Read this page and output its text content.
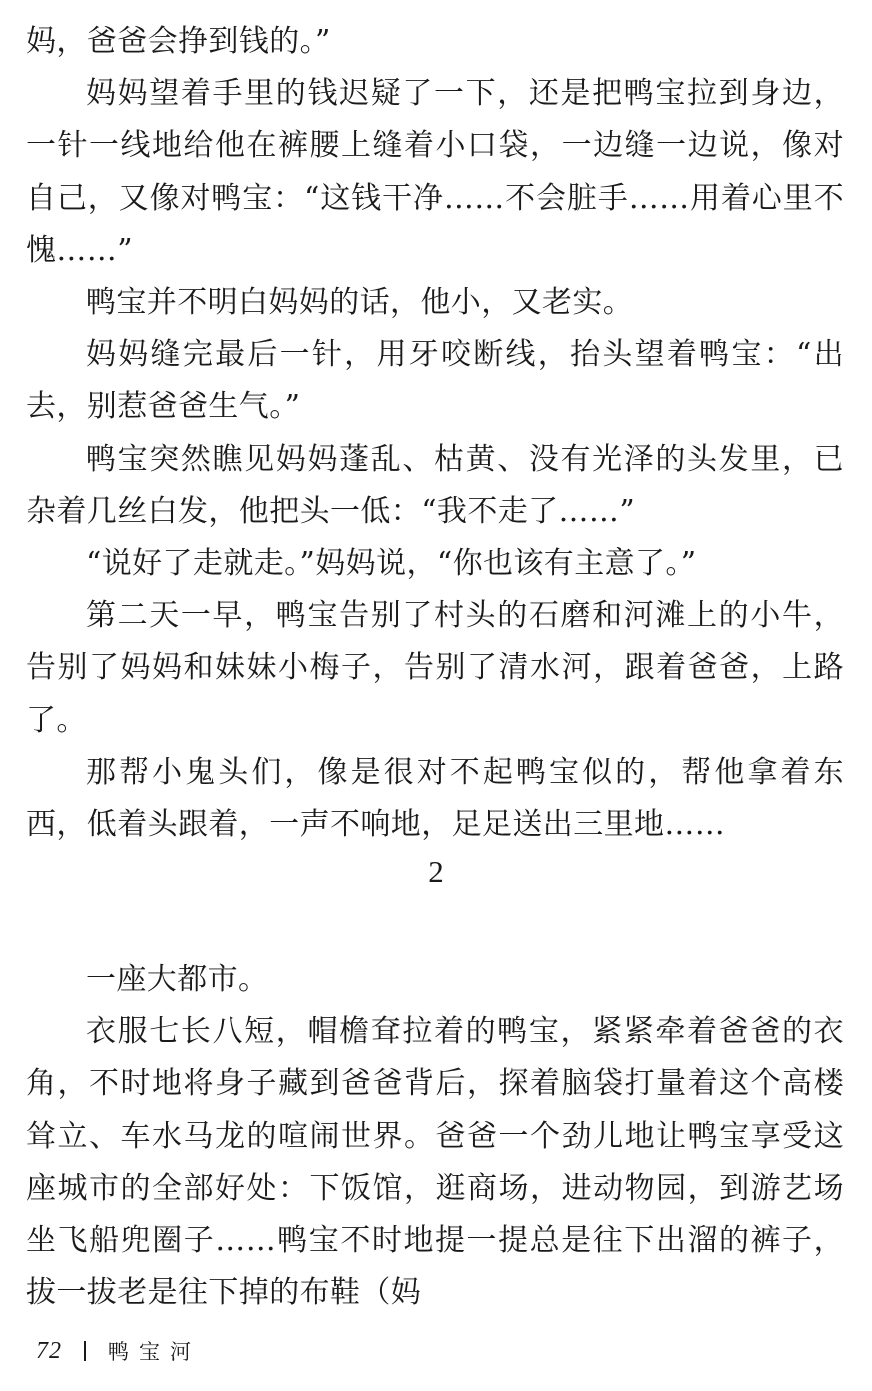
妈，爸爸会挣到钱的。”

妈妈望着手里的钱迟疑了一下，还是把鸭宝拉到身边，一针一线地给他在裤腰上缝着小口袋，一边缝一边说，像对自己，又像对鸭宝：“这钱干净……不会脏手……用着心里不愧……”

鸭宝并不明白妈妈的话，他小，又老实。

妈妈缝完最后一针，用牙咬断线，抬头望着鸭宝：“出去，别惹爸爸生气。”

鸭宝突然瞧见妈妈蓬乱、枯黄、没有光泽的头发里，已杂着几丝白发，他把头一低：“我不走了……”

“说好了走就走。”妈妈说，“你也该有主意了。”

第二天一早，鸭宝告别了村头的石磨和河滩上的小牛，告别了妈妈和妹妹小梅子，告别了清水河，跟着爸爸，上路了。

那帮小鬼头们，像是很对不起鸭宝似的，帮他拿着东西，低着头跟着，一声不响地，足足送出三里地……

2

一座大都市。

衣服七长八短，帽檐耷拉着的鸭宝，紧紧牵着爸爸的衣角，不时地将身子藏到爸爸背后，探着脑袋打量着这个高楼耸立、车水马龙的喧闹世界。爸爸一个劲儿地让鸭宝享受这座城市的全部好处：下饭馆，逛商场，进动物园，到游艺场坐飞船兜圈子……鸭宝不时地提一提总是往下出溜的裤子，拔一拔老是往下掉的布鞋（妈

72 鸭宝河
